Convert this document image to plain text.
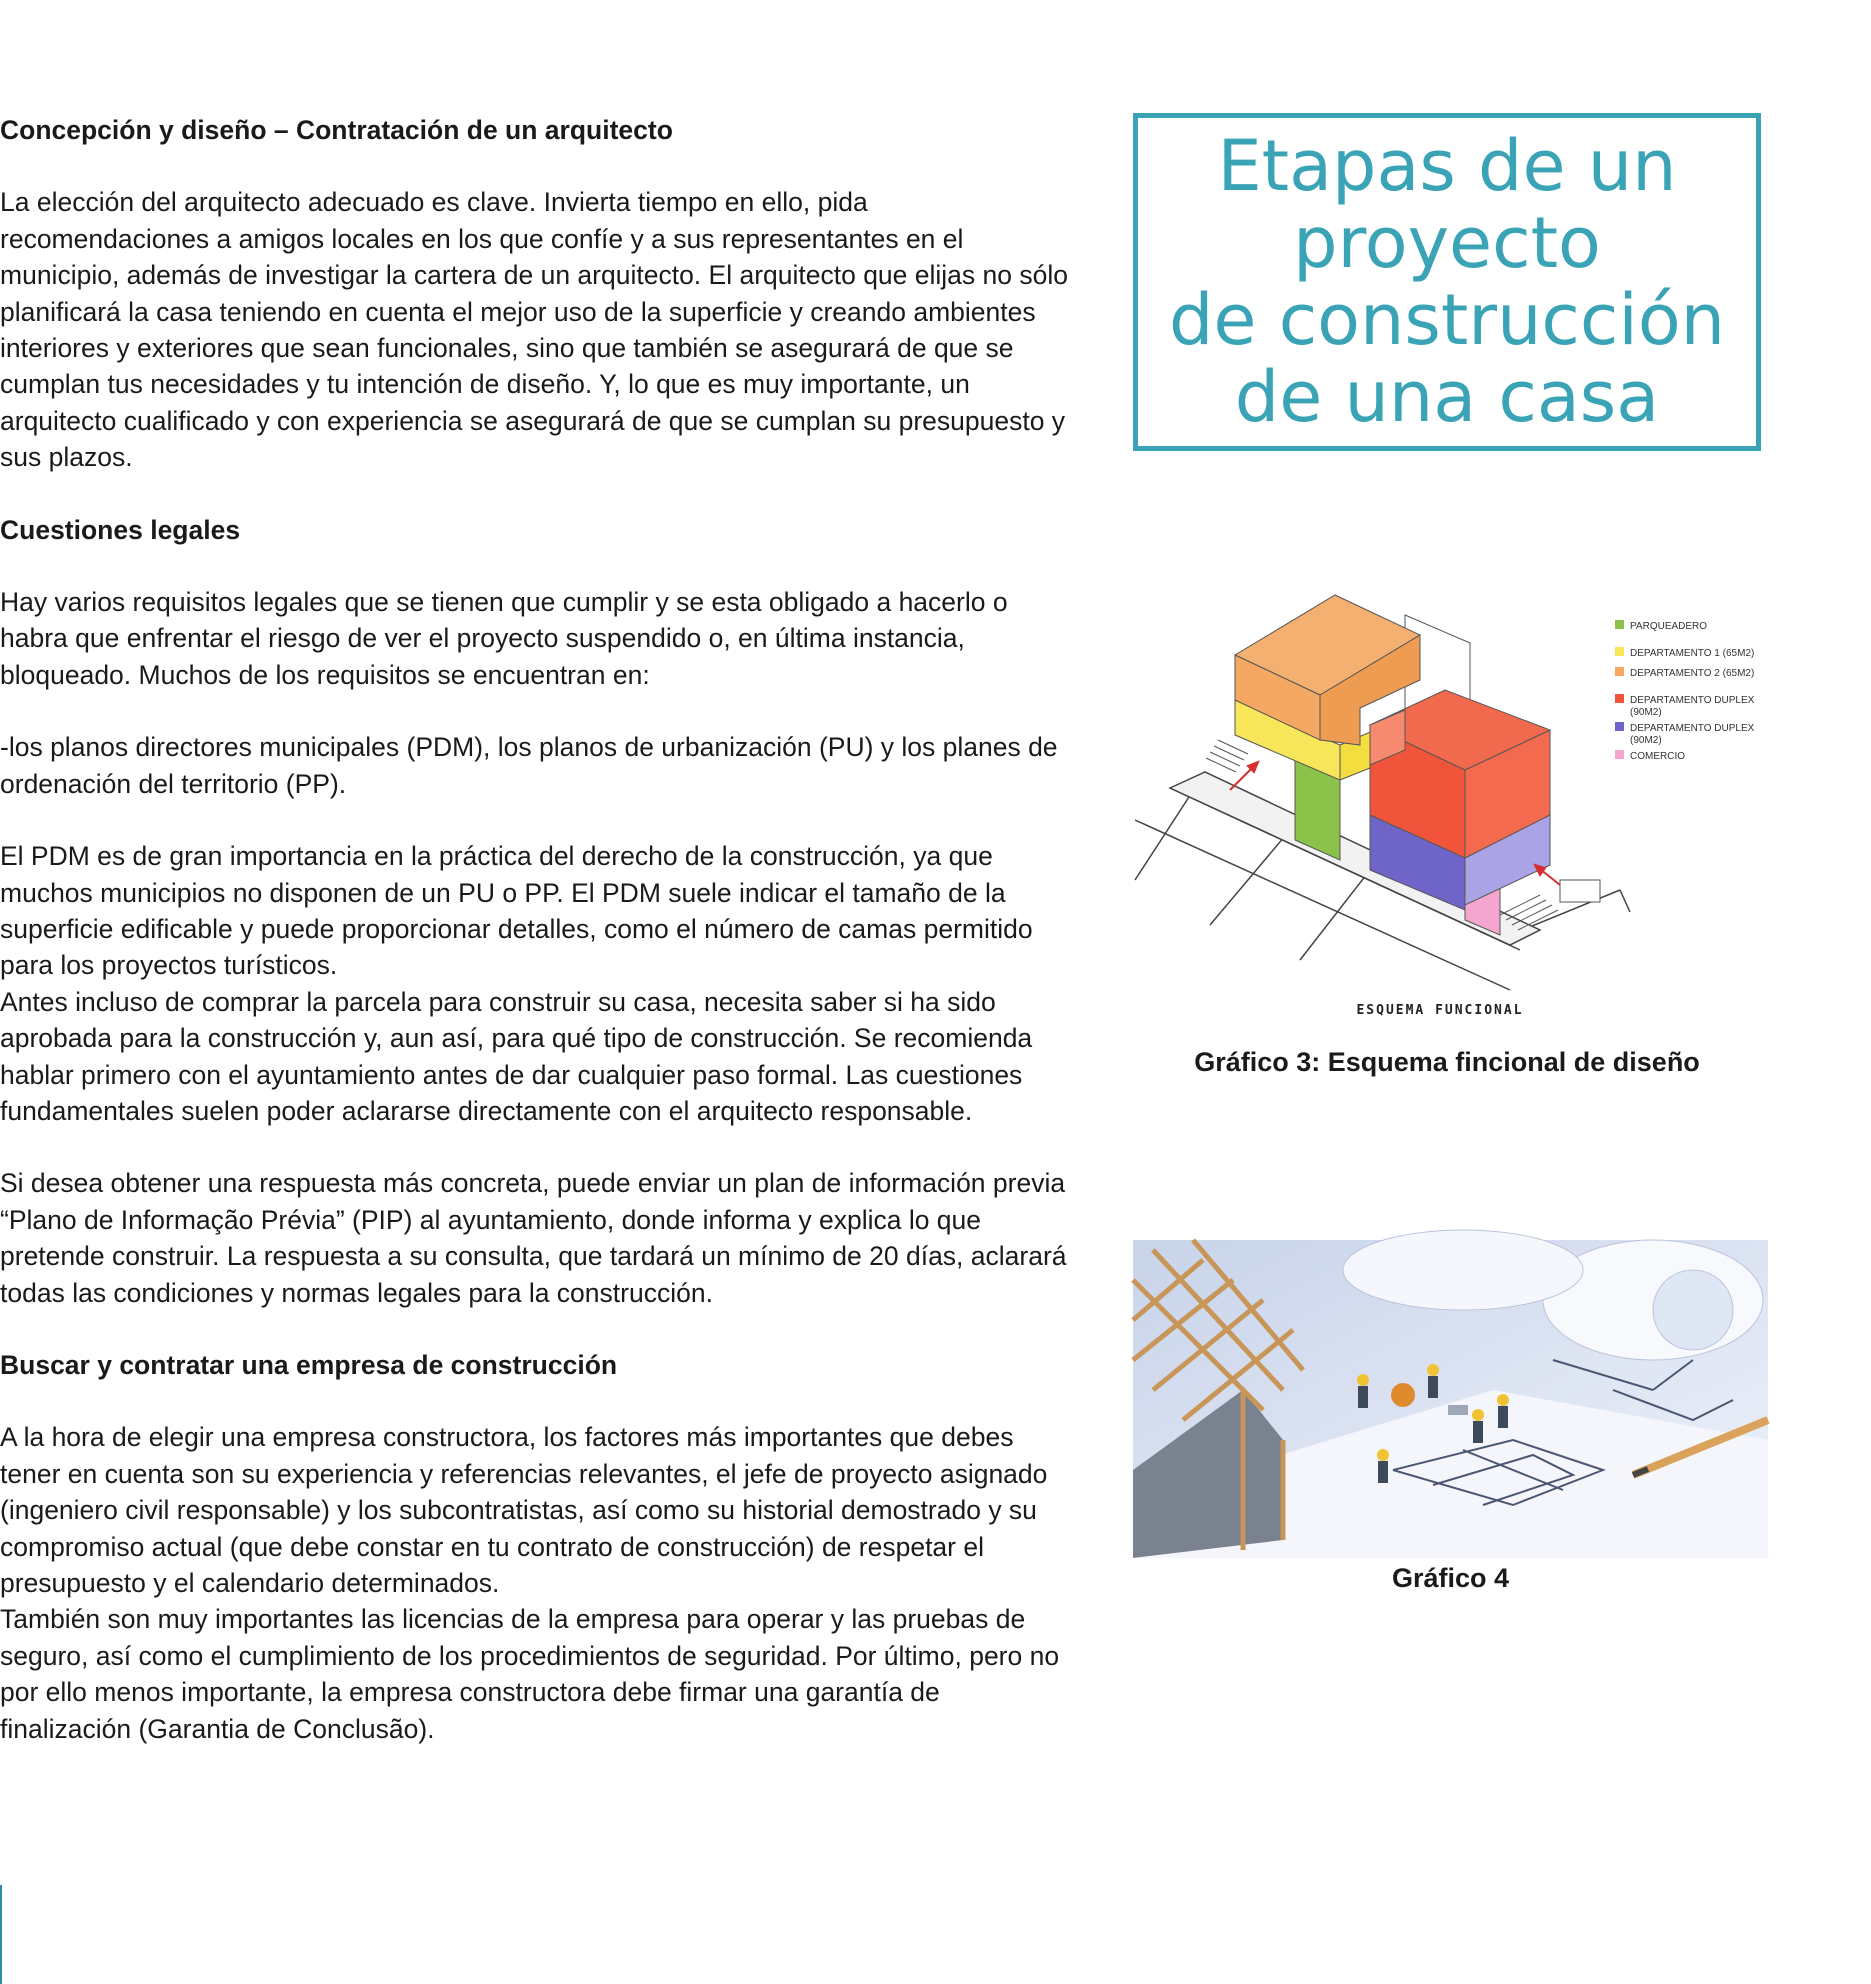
Concepción y diseño – Contratación de un arquitecto

La elección del arquitecto adecuado es clave. Invierta tiempo en ello, pida recomendaciones a amigos locales en los que confíe y a sus representantes en el municipio, además de investigar la cartera de un arquitecto. El arquitecto que elijas no sólo planificará la casa teniendo en cuenta el mejor uso de la superficie y creando ambientes interiores y exteriores que sean funcionales, sino que también se asegurará de que se cumplan tus necesidades y tu intención de diseño. Y, lo que es muy importante, un arquitecto cualificado y con experiencia se asegurará de que se cumplan su presupuesto y sus plazos.

Cuestiones legales

Hay varios requisitos legales que se tienen que cumplir y se esta obligado a hacerlo o habra que enfrentar el riesgo de ver el proyecto suspendido o, en última instancia, bloqueado. Muchos de los requisitos se encuentran en:

-los planos directores municipales (PDM), los planos de urbanización (PU) y los planes de ordenación del territorio (PP).

El PDM es de gran importancia en la práctica del derecho de la construcción, ya que muchos municipios no disponen de un PU o PP. El PDM suele indicar el tamaño de la superficie edificable y puede proporcionar detalles, como el número de camas permitido para los proyectos turísticos.

Antes incluso de comprar la parcela para construir su casa, necesita saber si ha sido aprobada para la construcción y, aun así, para qué tipo de construcción. Se recomienda hablar primero con el ayuntamiento antes de dar cualquier paso formal. Las cuestiones fundamentales suelen poder aclararse directamente con el arquitecto responsable.

Si desea obtener una respuesta más concreta, puede enviar un plan de información previa “Plano de Informação Prévia” (PIP) al ayuntamiento, donde informa y explica lo que pretende construir. La respuesta a su consulta, que tardará un mínimo de 20 días, aclarará todas las condiciones y normas legales para la construcción.

Buscar y contratar una empresa de construcción

A la hora de elegir una empresa constructora, los factores más importantes que debes tener en cuenta son su experiencia y referencias relevantes, el jefe de proyecto asignado (ingeniero civil responsable) y los subcontratistas, así como su historial demostrado y su compromiso actual (que debe constar en tu contrato de construcción) de respetar el presupuesto y el calendario determinados.

También son muy importantes las licencias de la empresa para operar y las pruebas de seguro, así como el cumplimiento de los procedimientos de seguridad. Por último, pero no por ello menos importante, la empresa constructora debe firmar una garantía de finalización (Garantia de Conclusão).

Etapas de un
proyecto
de construcción
de una casa
PARQUEADERO
DEPARTAMENTO 1 (65M2)
DEPARTAMENTO 2 (65M2)
DEPARTAMENTO DUPLEX
(90M2)
DEPARTAMENTO DUPLEX
(90M2)
COMERCIO
ESQUEMA FUNCIONAL
Gráfico 3: Esquema fincional de diseño
Gráfico 4
